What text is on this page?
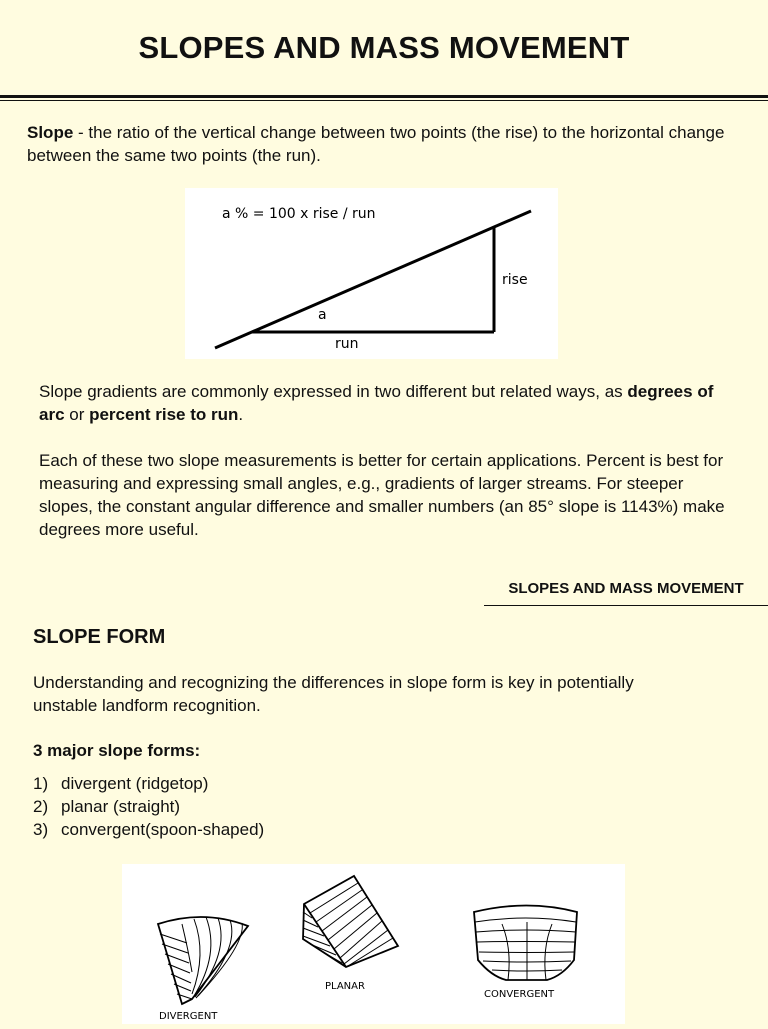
SLOPES AND MASS MOVEMENT

Slope - the ratio of the vertical change between two points (the rise) to the horizontal change between the same two points (the run).

a % = 100 x rise / run
rise
run
a

Slope gradients are commonly expressed in two different but related ways, as degrees of arc or percent rise to run.

Each of these two slope measurements is better for certain applications. Percent is best for measuring and expressing small angles, e.g., gradients of larger streams. For steeper slopes, the constant angular difference and smaller numbers (an 85° slope is 1143%) make degrees more useful.

SLOPES AND MASS MOVEMENT
SLOPE FORM

Understanding and recognizing the differences in slope form is key in potentially unstable landform recognition.

3 major slope forms:

1) divergent (ridgetop)
2) planar (straight)
3) convergent(spoon-shaped)
DIVERGENT
PLANAR
CONVERGENT
